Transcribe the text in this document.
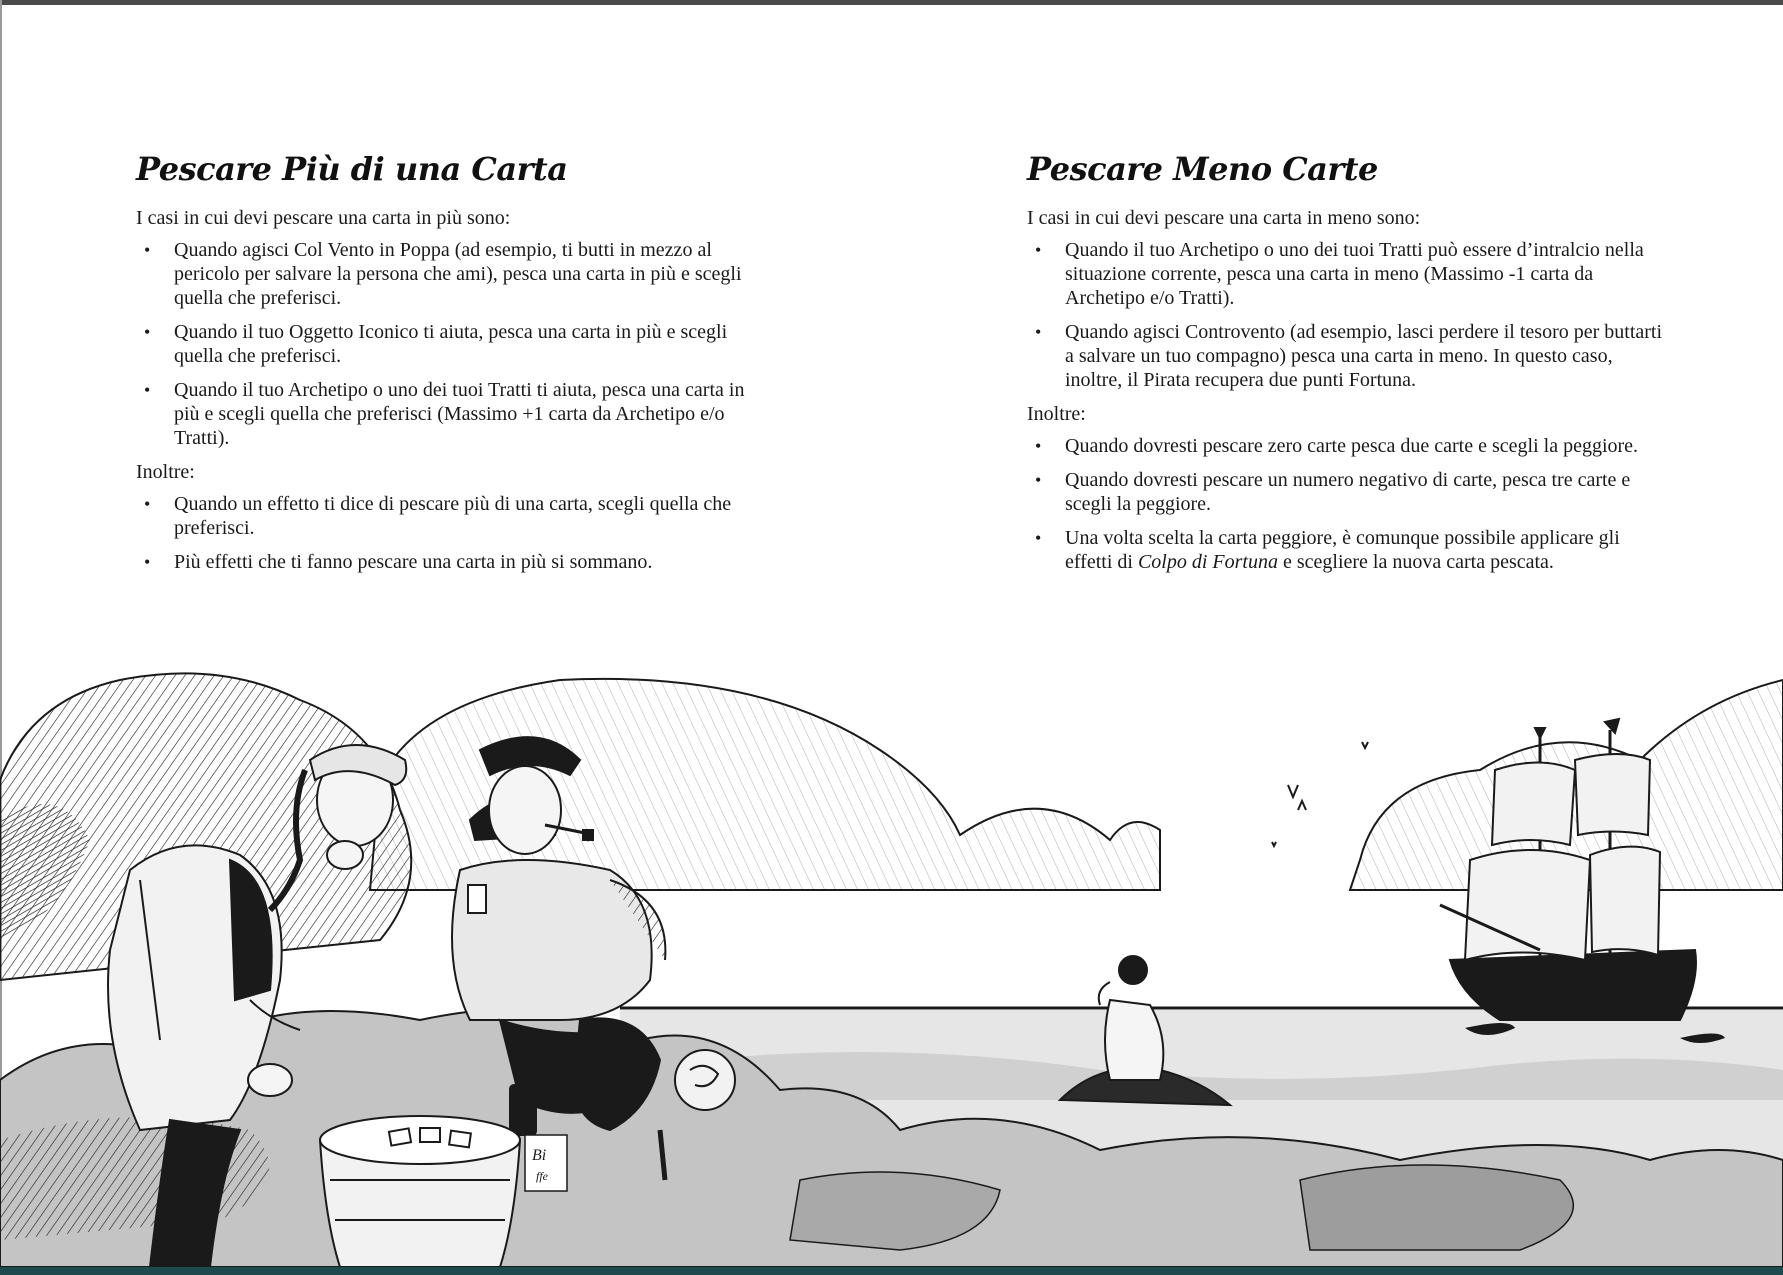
Pescare Più di una Carta

I casi in cui devi pescare una carta in più sono:

• Quando agisci Col Vento in Poppa (ad esempio, ti butti in mezzo al pericolo per salvare la persona che ami), pesca una carta in più e scegli quella che preferisci.
• Quando il tuo Oggetto Iconico ti aiuta, pesca una carta in più e scegli quella che preferisci.
• Quando il tuo Archetipo o uno dei tuoi Tratti ti aiuta, pesca una carta in più e scegli quella che preferisci (Massimo +1 carta da Archetipo e/o Tratti).

Inoltre:

• Quando un effetto ti dice di pescare più di una carta, scegli quella che preferisci.
• Più effetti che ti fanno pescare una carta in più si sommano.
Pescare Meno Carte

I casi in cui devi pescare una carta in meno sono:

• Quando il tuo Archetipo o uno dei tuoi Tratti può essere d’intralcio nella situazione corrente, pesca una carta in meno (Massimo -1 carta da Archetipo e/o Tratti).
• Quando agisci Controvento (ad esempio, lasci perdere il tesoro per buttarti a salvare un tuo compagno) pesca una carta in meno. In questo caso, inoltre, il Pirata recupera due punti Fortuna.

Inoltre:

• Quando dovresti pescare zero carte pesca due carte e scegli la peggiore.
• Quando dovresti pescare un numero negativo di carte, pesca tre carte e scegli la peggiore.
• Una volta scelta la carta peggiore, è comunque possibile applicare gli effetti di Colpo di Fortuna e scegliere la nuova carta pescata.
Bi
ffe
